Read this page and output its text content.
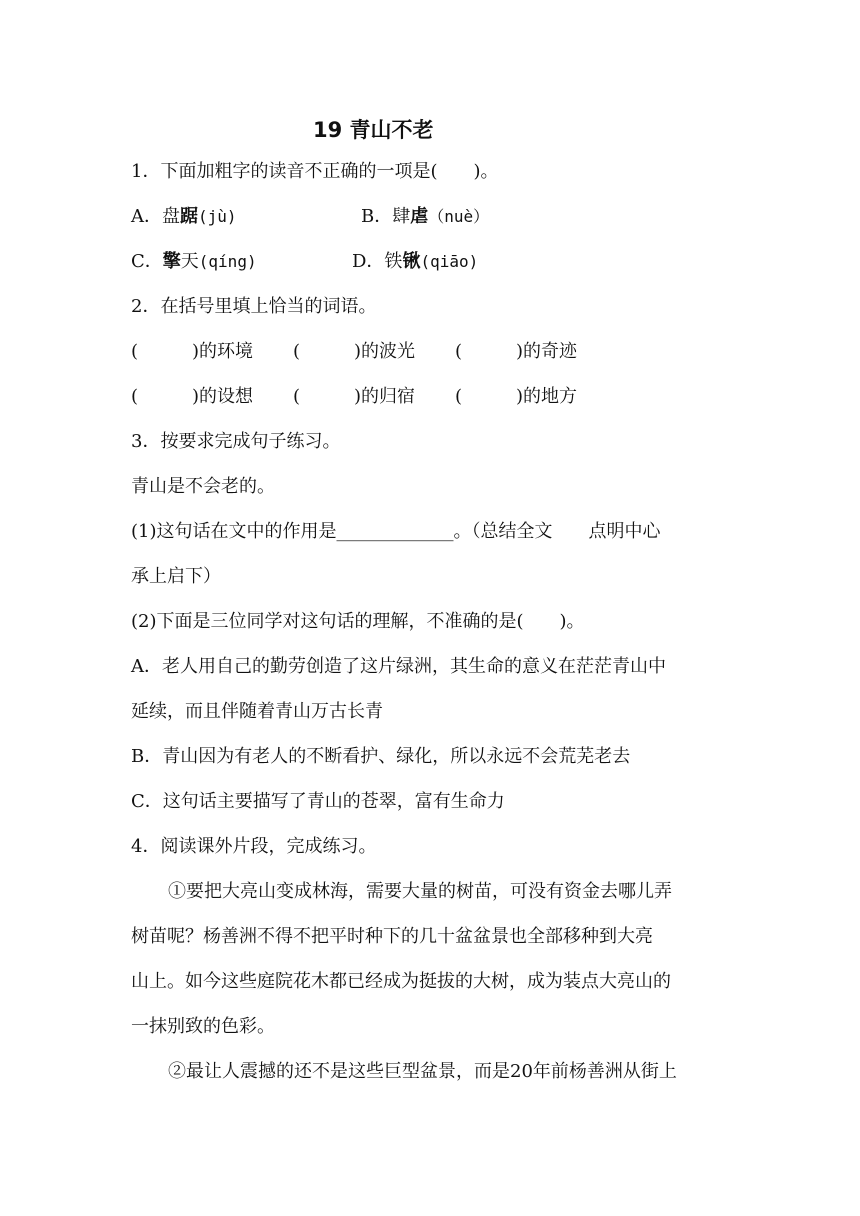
19 青山不老
1．下面加粗字的读音不正确的一项是(　　)。
A．盘踞(jù)	B．肆虐（nuè）
C．擎天(qíng)	D．铁锹(qiāo)
2．在括号里填上恰当的词语。
(　　　)的环境 (　　　)的波光 (　　　)的奇迹
(　　　)的设想 (　　　)的归宿 (　　　)的地方
3．按要求完成句子练习。
青山是不会老的。
(1)这句话在文中的作用是_____________。（总结全文　　点明中心
承上启下）
(2)下面是三位同学对这句话的理解，不准确的是(　　)。
A．老人用自己的勤劳创造了这片绿洲，其生命的意义在茫茫青山中
延续，而且伴随着青山万古长青
B．青山因为有老人的不断看护、绿化，所以永远不会荒芜老去
C．这句话主要描写了青山的苍翠，富有生命力
4．阅读课外片段，完成练习。
①要把大亮山变成林海，需要大量的树苗，可没有资金去哪儿弄
树苗呢？杨善洲不得不把平时种下的几十盆盆景也全部移种到大亮
山上。如今这些庭院花木都已经成为挺拔的大树，成为装点大亮山的
一抹别致的色彩。
②最让人震撼的还不是这些巨型盆景，而是20年前杨善洲从街上
